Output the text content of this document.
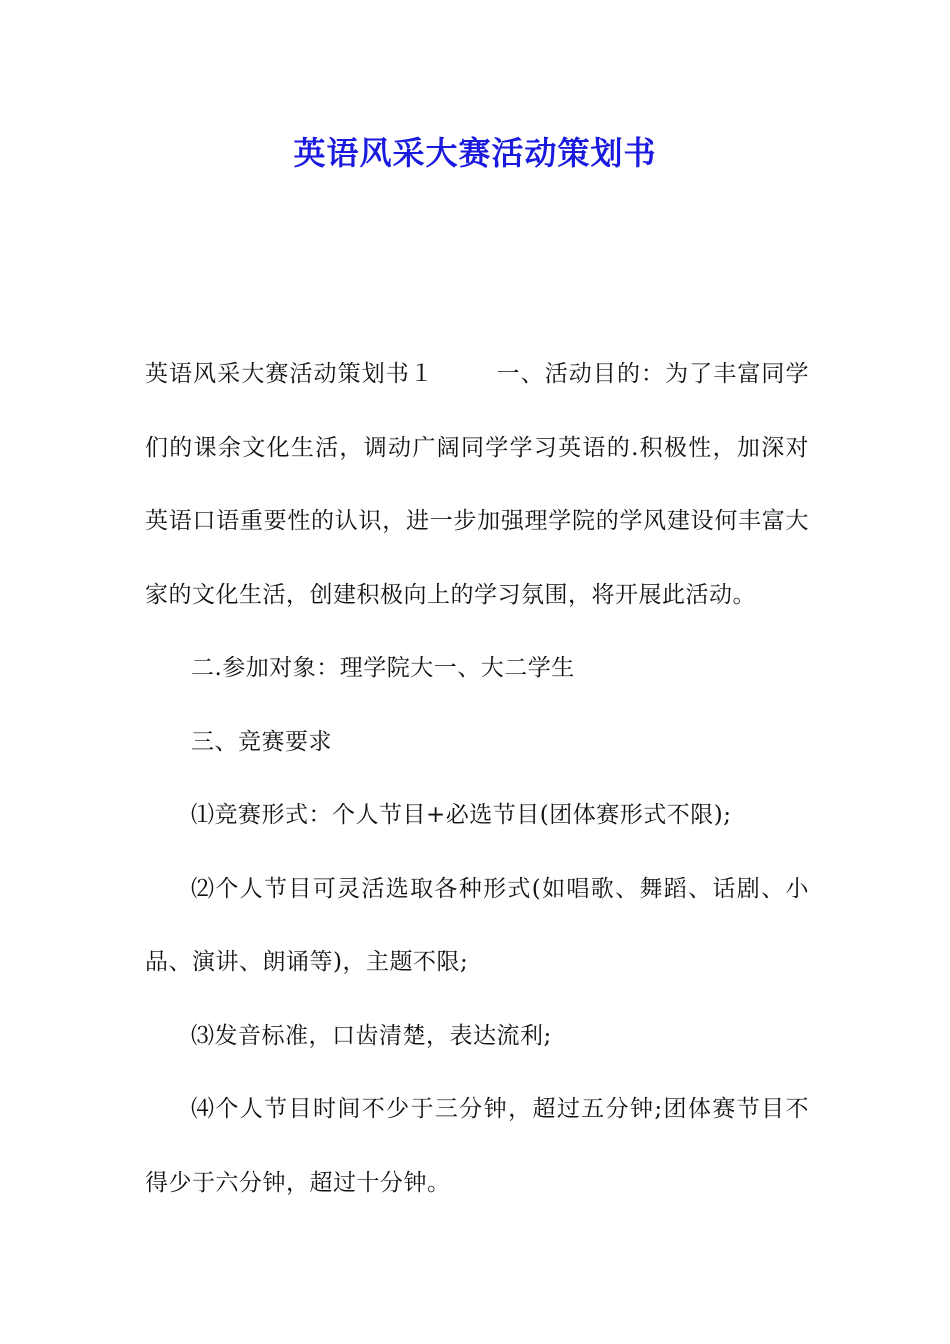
英语风采大赛活动策划书

英语风采大赛活动策划书１	一、活动目的：为了丰富同学们的课余文化生活，调动广阔同学学习英语的.积极性，加深对英语口语重要性的认识，进一步加强理学院的学风建设何丰富大家的文化生活，创建积极向上的学习氛围，将开展此活动。

二.参加对象：理学院大一、大二学生

三、竞赛要求

⑴竞赛形式：个人节目+必选节目(团体赛形式不限);

⑵个人节目可灵活选取各种形式(如唱歌、舞蹈、话剧、小品、演讲、朗诵等)，主题不限;

⑶发音标准，口齿清楚，表达流利;

⑷个人节目时间不少于三分钟，超过五分钟;团体赛节目不得少于六分钟，超过十分钟。
